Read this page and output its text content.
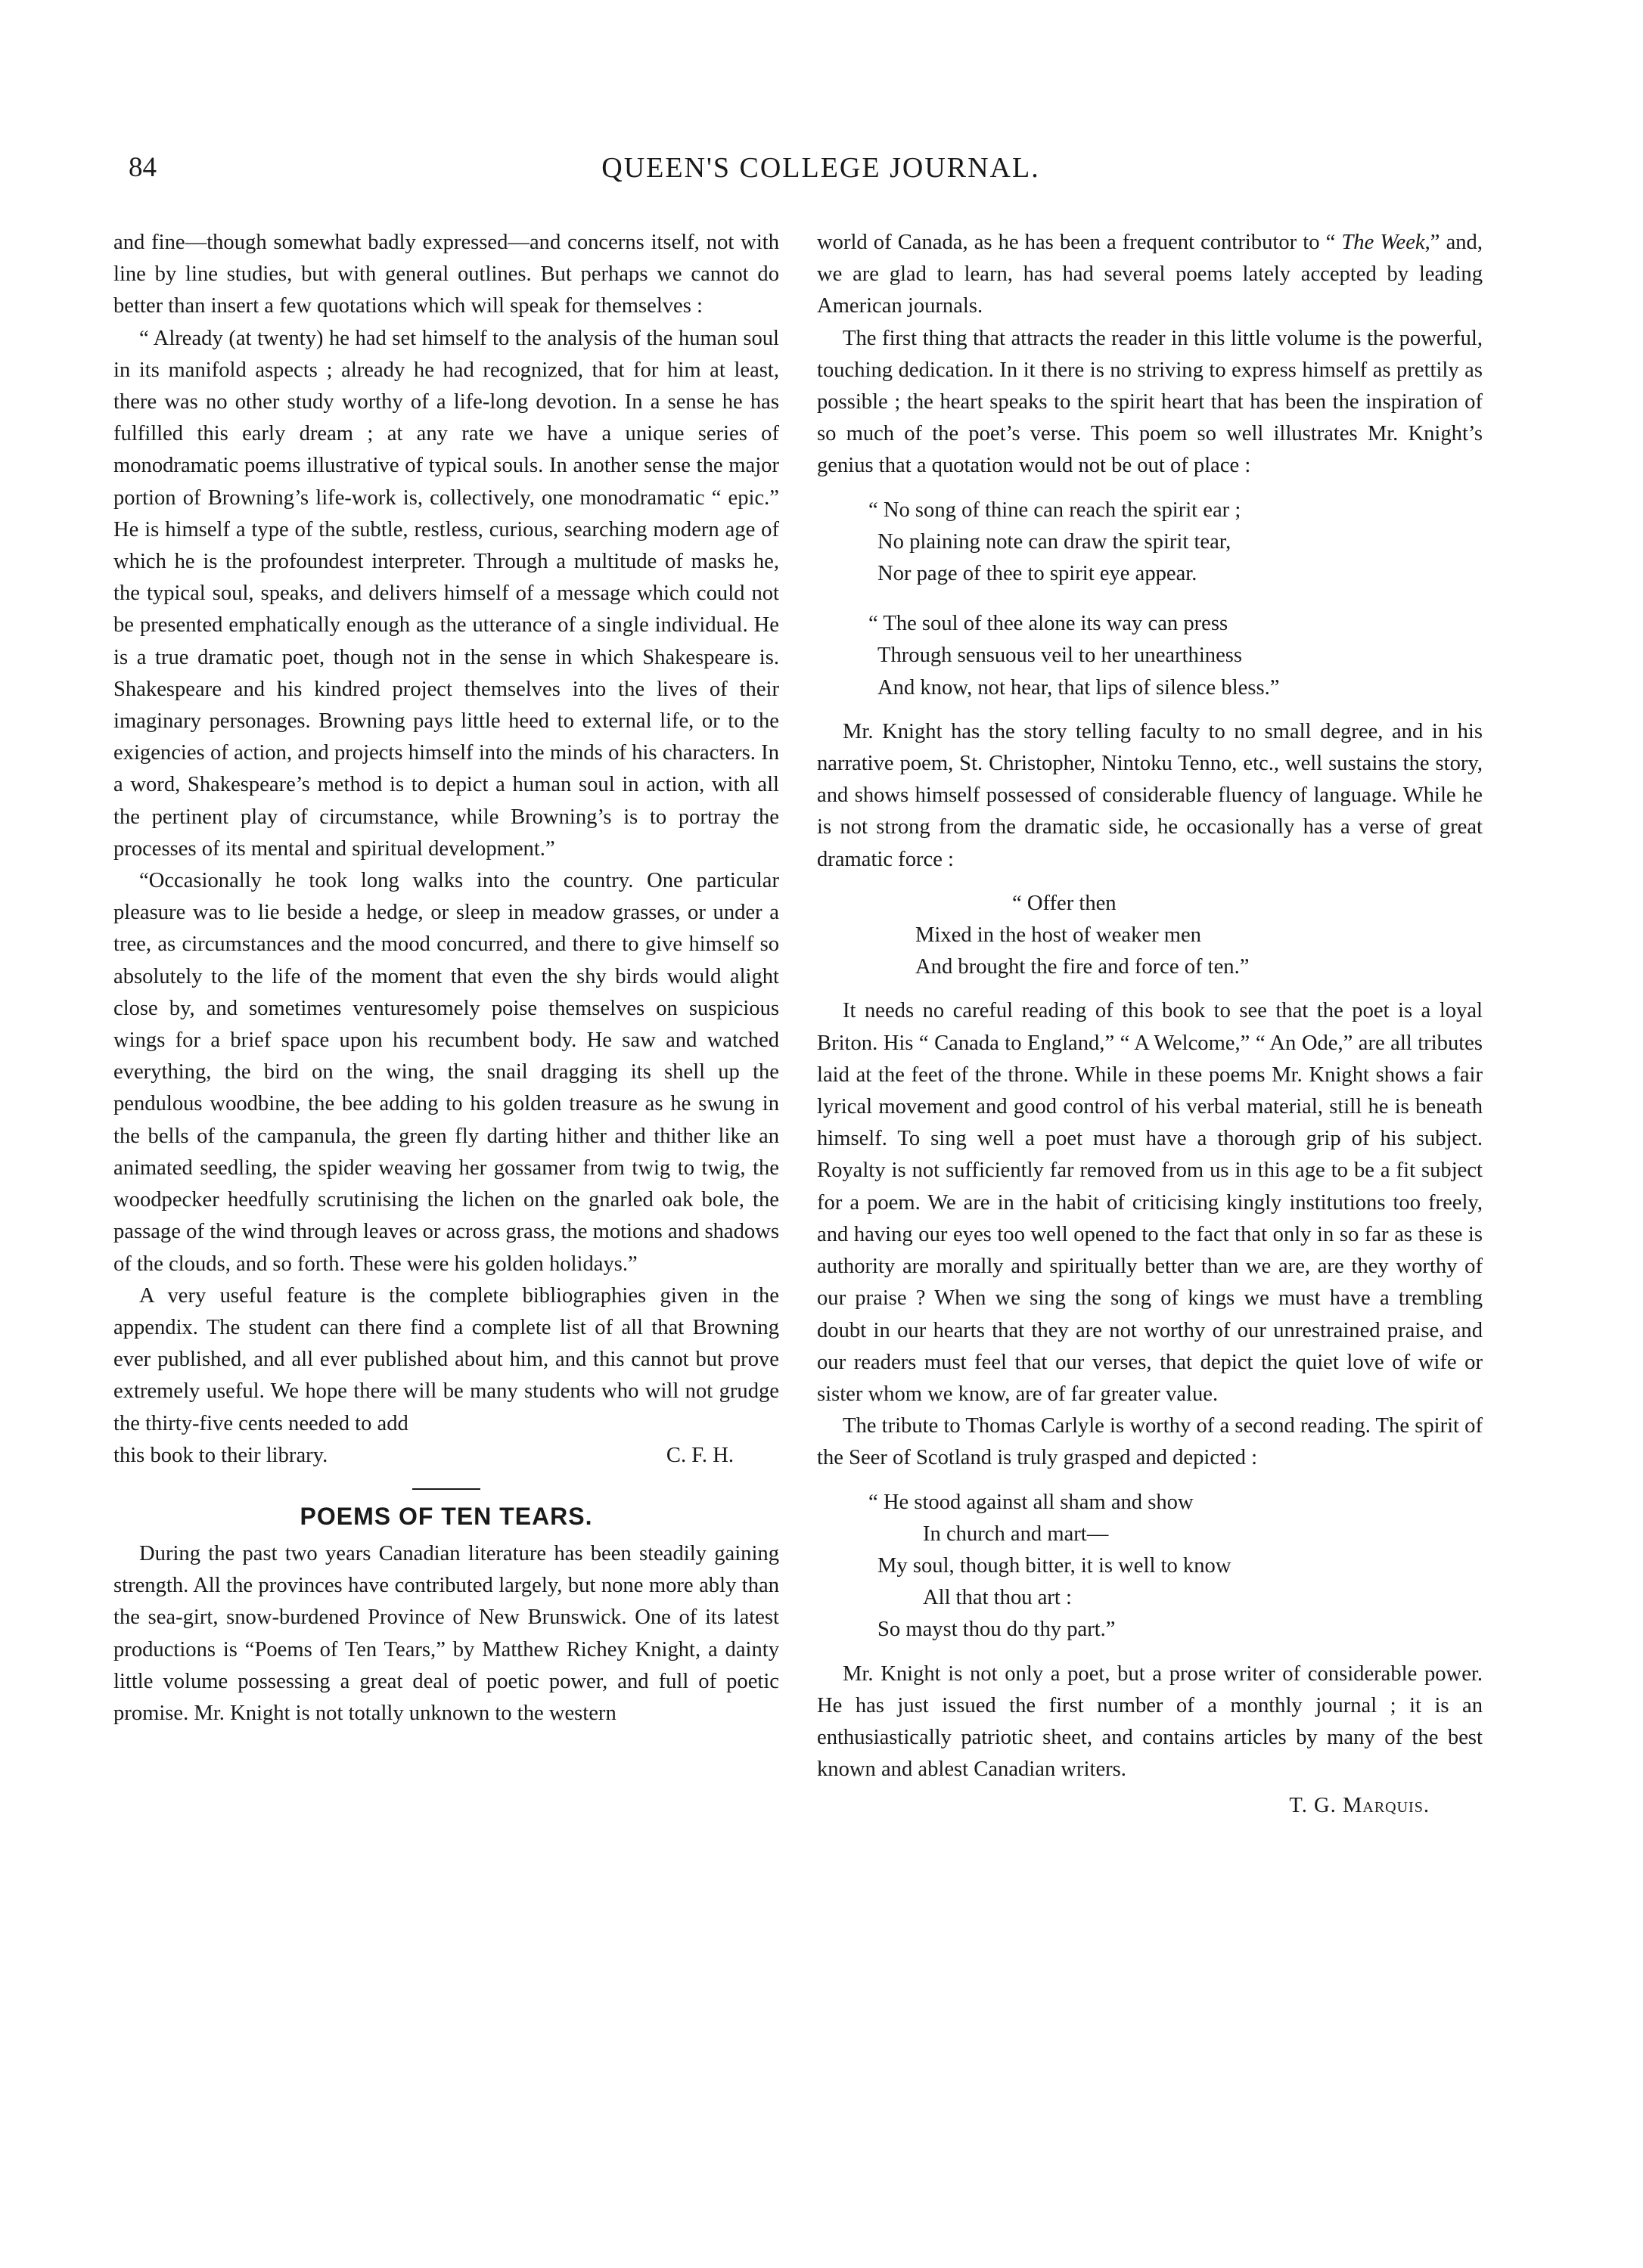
84	QUEEN'S COLLEGE JOURNAL.

and fine—though somewhat badly expressed—and concerns itself, not with line by line studies, but with general outlines. But perhaps we cannot do better than insert a few quotations which will speak for themselves :

“ Already (at twenty) he had set himself to the analysis of the human soul in its manifold aspects ; already he had recognized, that for him at least, there was no other study worthy of a life-long devotion. In a sense he has fulfilled this early dream ; at any rate we have a unique series of monodramatic poems illustrative of typical souls. In another sense the major portion of Browning’s life-work is, collectively, one monodramatic “ epic.” He is himself a type of the subtle, restless, curious, searching modern age of which he is the profoundest interpreter. Through a multitude of masks he, the typical soul, speaks, and delivers himself of a message which could not be presented emphatically enough as the utterance of a single individual. He is a true dramatic poet, though not in the sense in which Shakespeare is. Shakespeare and his kindred project themselves into the lives of their imaginary personages. Browning pays little heed to external life, or to the exigencies of action, and projects himself into the minds of his characters. In a word, Shakespeare’s method is to depict a human soul in action, with all the pertinent play of circumstance, while Browning’s is to portray the processes of its mental and spiritual development.”

“Occasionally he took long walks into the country. One particular pleasure was to lie beside a hedge, or sleep in meadow grasses, or under a tree, as circumstances and the mood concurred, and there to give himself so absolutely to the life of the moment that even the shy birds would alight close by, and sometimes venturesomely poise themselves on suspicious wings for a brief space upon his recumbent body. He saw and watched everything, the bird on the wing, the snail dragging its shell up the pendulous woodbine, the bee adding to his golden treasure as he swung in the bells of the campanula, the green fly darting hither and thither like an animated seedling, the spider weaving her gossamer from twig to twig, the woodpecker heedfully scrutinising the lichen on the gnarled oak bole, the passage of the wind through leaves or across grass, the motions and shadows of the clouds, and so forth. These were his golden holidays.”

A very useful feature is the complete bibliographies given in the appendix. The student can there find a complete list of all that Browning ever published, and all ever published about him, and this cannot but prove extremely useful. We hope there will be many students who will not grudge the thirty-five cents needed to add

this book to their library.	C. F. H.
POEMS OF TEN TEARS.

During the past two years Canadian literature has been steadily gaining strength. All the provinces have contributed largely, but none more ably than the sea-girt, snow-burdened Province of New Brunswick. One of its latest productions is “Poems of Ten Tears,” by Matthew Richey Knight, a dainty little volume possessing a great deal of poetic power, and full of poetic promise. Mr. Knight is not totally unknown to the western

world of Canada, as he has been a frequent contributor to “ The Week,” and, we are glad to learn, has had several poems lately accepted by leading American journals.

The first thing that attracts the reader in this little volume is the powerful, touching dedication. In it there is no striving to express himself as prettily as possible ; the heart speaks to the spirit heart that has been the inspiration of so much of the poet’s verse. This poem so well illustrates Mr. Knight’s genius that a quotation would not be out of place :

“ No song of thine can reach the spirit ear ;
No plaining note can draw the spirit tear,
Nor page of thee to spirit eye appear.
“ The soul of thee alone its way can press
Through sensuous veil to her unearthiness
And know, not hear, that lips of silence bless.”

Mr. Knight has the story telling faculty to no small degree, and in his narrative poem, St. Christopher, Nintoku Tenno, etc., well sustains the story, and shows himself possessed of considerable fluency of language. While he is not strong from the dramatic side, he occasionally has a verse of great dramatic force :

“ Offer then
Mixed in the host of weaker men
And brought the fire and force of ten.”

It needs no careful reading of this book to see that the poet is a loyal Briton. His “ Canada to England,” “ A Welcome,” “ An Ode,” are all tributes laid at the feet of the throne. While in these poems Mr. Knight shows a fair lyrical movement and good control of his verbal material, still he is beneath himself. To sing well a poet must have a thorough grip of his subject. Royalty is not sufficiently far removed from us in this age to be a fit subject for a poem. We are in the habit of criticising kingly institutions too freely, and having our eyes too well opened to the fact that only in so far as these is authority are morally and spiritually better than we are, are they worthy of our praise ? When we sing the song of kings we must have a trembling doubt in our hearts that they are not worthy of our unrestrained praise, and our readers must feel that our verses, that depict the quiet love of wife or sister whom we know, are of far greater value.

The tribute to Thomas Carlyle is worthy of a second reading. The spirit of the Seer of Scotland is truly grasped and depicted :

“ He stood against all sham and show
In church and mart—
My soul, though bitter, it is well to know
All that thou art :
So mayst thou do thy part.”

Mr. Knight is not only a poet, but a prose writer of considerable power. He has just issued the first number of a monthly journal ; it is an enthusiastically patriotic sheet, and contains articles by many of the best known and ablest Canadian writers.

T. G. Marquis.
